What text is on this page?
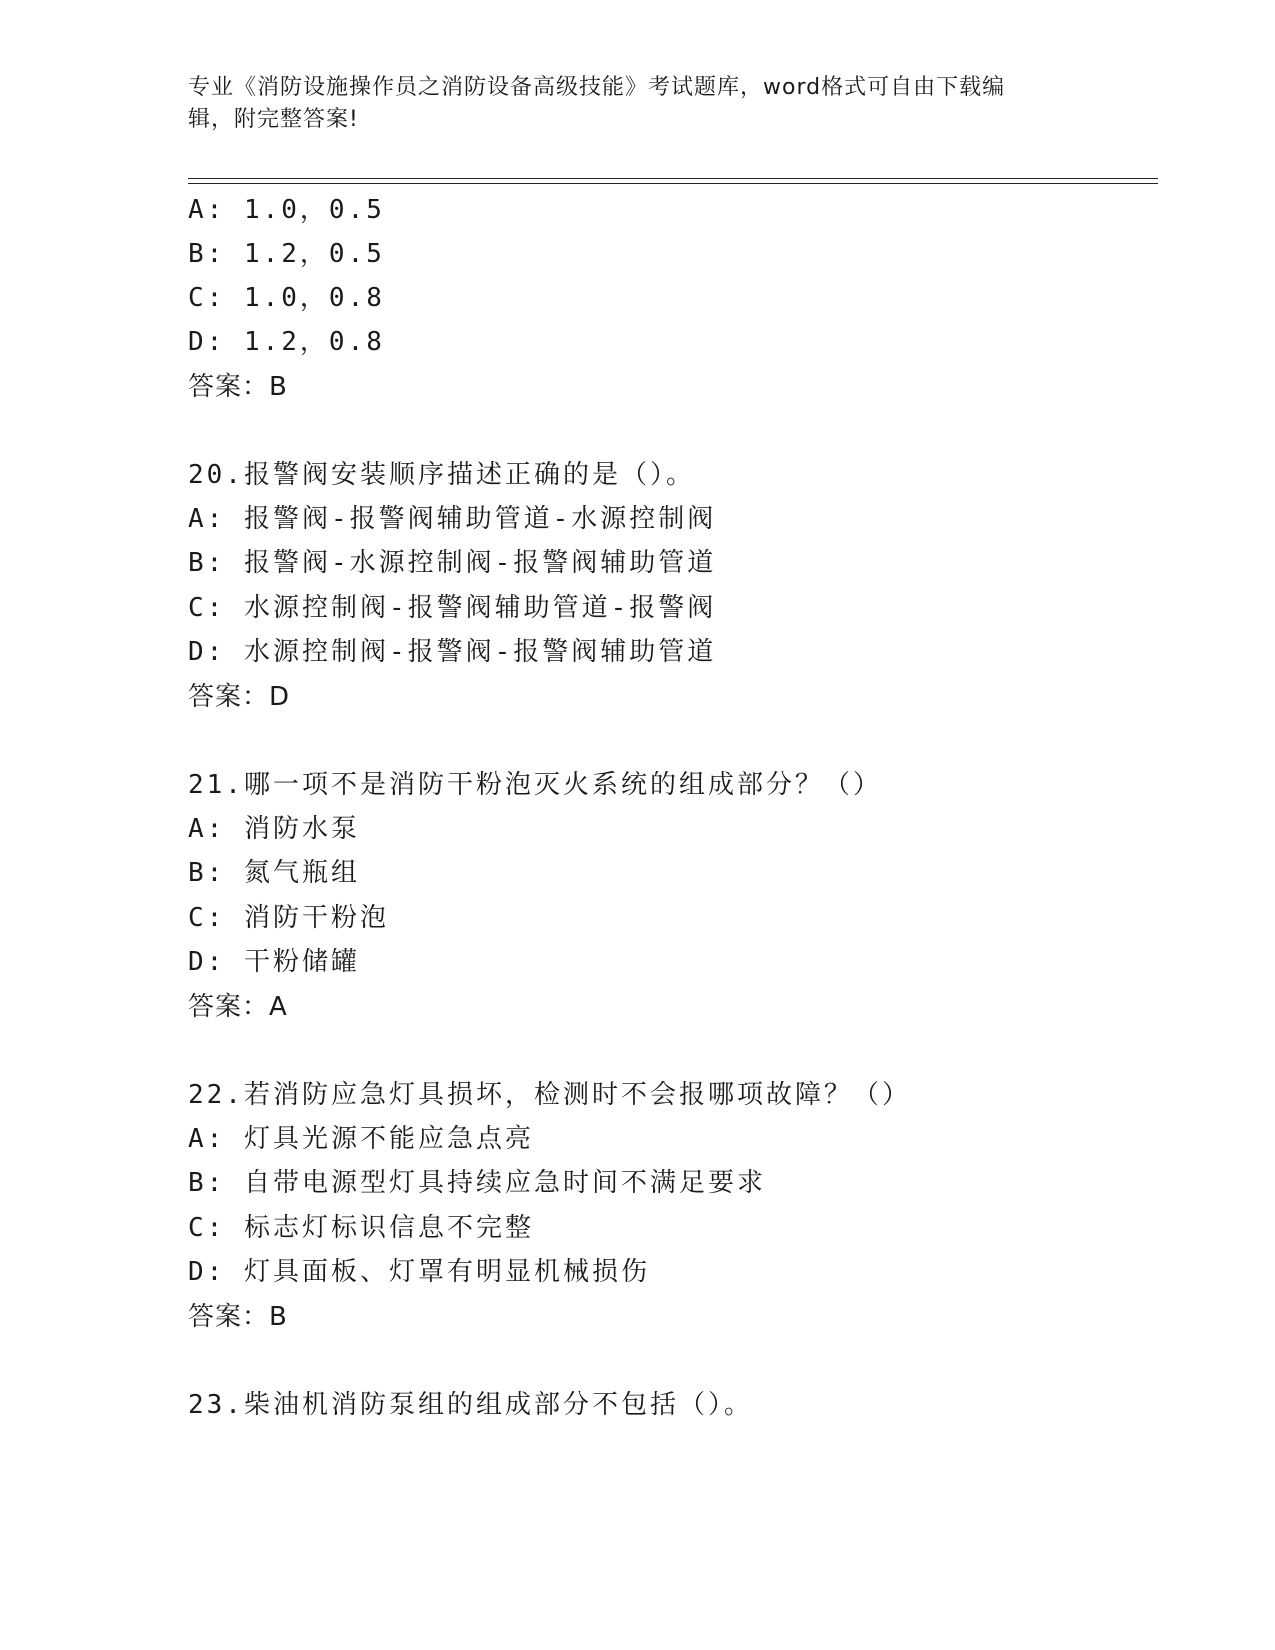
专业《消防设施操作员之消防设备高级技能》考试题库，word格式可自由下载编
辑，附完整答案!
A: 1.0，0.5
B: 1.2，0.5
C: 1.0，0.8
D: 1.2，0.8
答案：B
20.报警阀安装顺序描述正确的是（）。
A: 报警阀-报警阀辅助管道-水源控制阀
B: 报警阀-水源控制阀-报警阀辅助管道
C: 水源控制阀-报警阀辅助管道-报警阀
D: 水源控制阀-报警阀-报警阀辅助管道
答案：D
21.哪一项不是消防干粉泡灭火系统的组成部分？（）
A: 消防水泵
B: 氮气瓶组
C: 消防干粉泡
D: 干粉储罐
答案：A
22.若消防应急灯具损坏，检测时不会报哪项故障？（）
A: 灯具光源不能应急点亮
B: 自带电源型灯具持续应急时间不满足要求
C: 标志灯标识信息不完整
D: 灯具面板、灯罩有明显机械损伤
答案：B
23.柴油机消防泵组的组成部分不包括（）。
